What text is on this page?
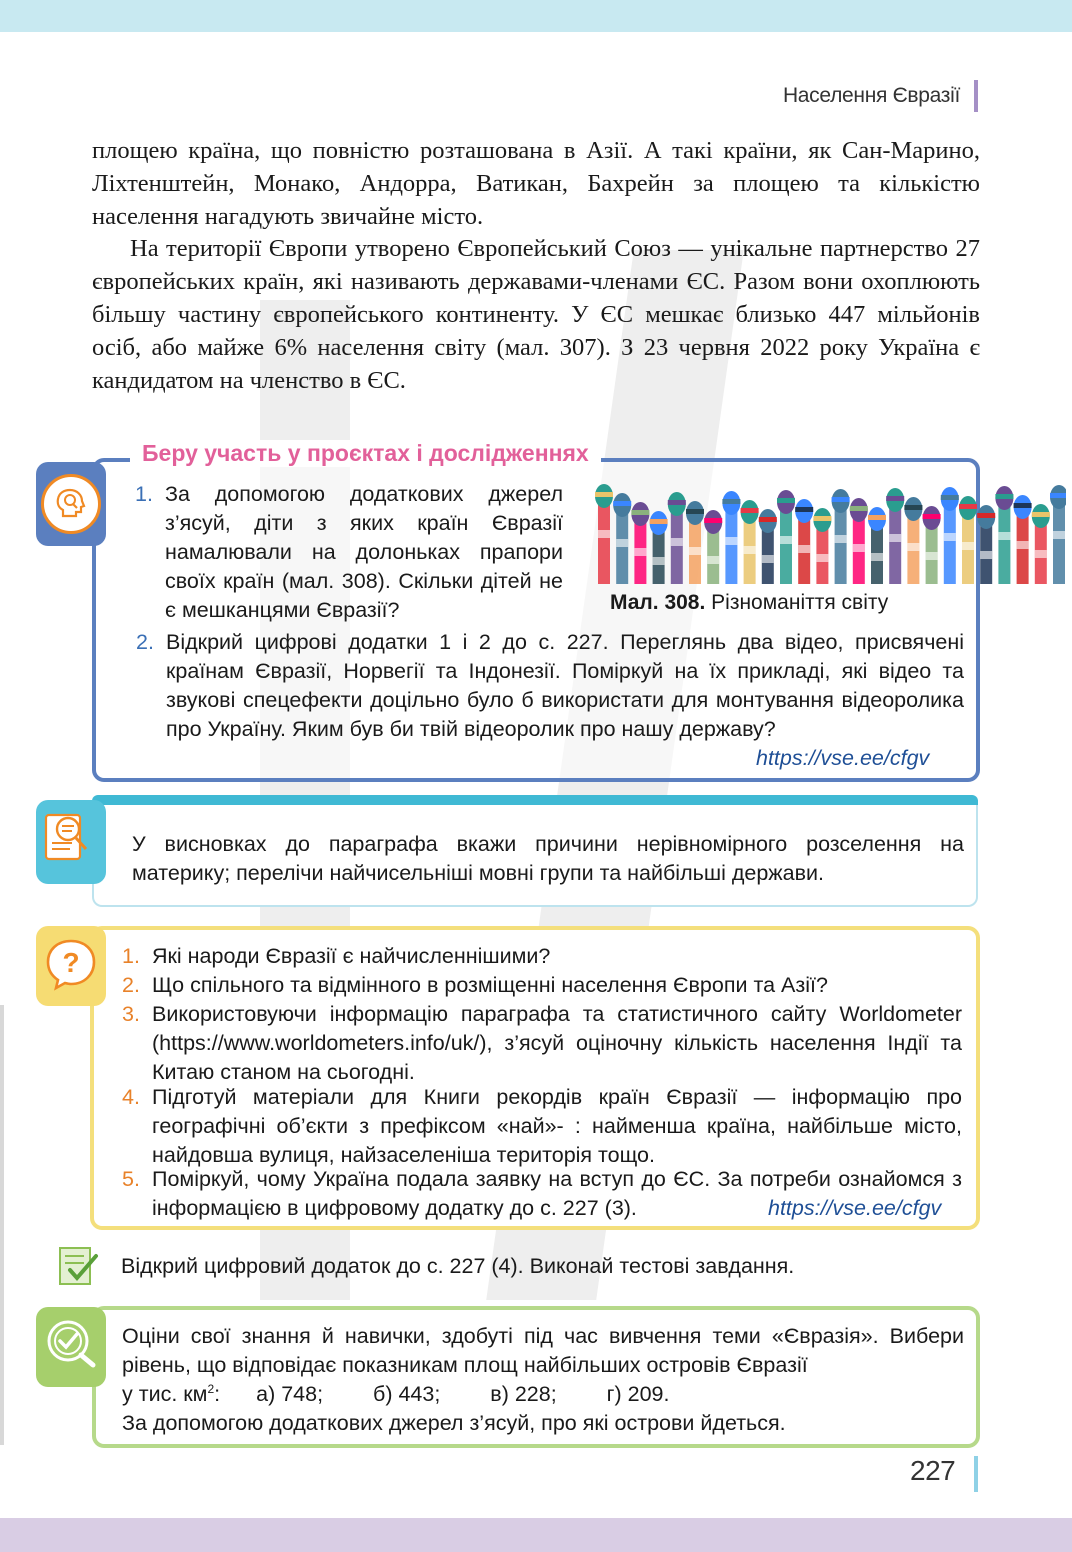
Населення Євразії

площею країна, що повністю розташована в Азії. А такі країни, як Сан-Марино, Ліхтенштейн, Монако, Андорра, Ватикан, Бахрейн за площею та кількістю населення нагадують звичайне місто.

На території Європи утворено Європейський Союз — унікальне партнерство 27 європейських країн, які називають державами-членами ЄС. Разом вони охоплюють більшу частину європейського континенту. У ЄС мешкає близько 447 мільйонів осіб, або майже 6% населення світу (мал. 307). З 23 червня 2022 року Україна є кандидатом на членство в ЄС.

Беру участь у проєктах і дослідженнях
1. За допомогою додаткових джерел з’ясуй, діти з яких країн Євразії намалювали на долоньках прапори своїх країн (мал. 308). Скільки дітей не є мешканцями Євразії?	Мал. 308. Різноманіття світу
2. Відкрий цифрові додатки 1 і 2 до с. 227. Переглянь два відео, присвячені країнам Євразії, Норвегії та Індонезії. Поміркуй на їх прикладі, які відео та звукові спецефекти доцільно було б використати для монтування відеоролика про Україну. Яким був би твій відеоролик про нашу державу?
https://vse.ee/cfgv
У висновках до параграфа вкажи причини нерівномірного розселення на материку; перелічи найчисельніші мовні групи та найбільші держави.
? 1. Які народи Євразії є найчисленнішими?
2. Що спільного та відмінного в розміщенні населення Європи та Азії?
3. Використовуючи інформацію параграфа та статистичного сайту Worldometer (https://www.worldometers.info/uk/), з’ясуй оціночну кількість населення Індії та Китаю станом на сьогодні.
4. Підготуй матеріали для Книги рекордів країн Євразії — інформацію про географічні об’єкти з префіксом «най»- : найменша країна, найбільше місто, найдовша вулиця, найзаселеніша територія тощо.
5. Поміркуй, чому Україна подала заявку на вступ до ЄС. За потреби ознайомся з інформацією в цифровому додатку до с. 227 (3).	https://vse.ee/cfgv
Відкрий цифровий додаток до с. 227 (4). Виконай тестові завдання.
Оціни свої знання й навички, здобуті під час вивчення теми «Євразія». Вибери рівень, що відповідає показникам площ найбільших островів Євразії
у тис. $км^2$: а) 748; б) 443; в) 228; г) 209.
За допомогою додаткових джерел з’ясуй, про які острови йдеться.
227
